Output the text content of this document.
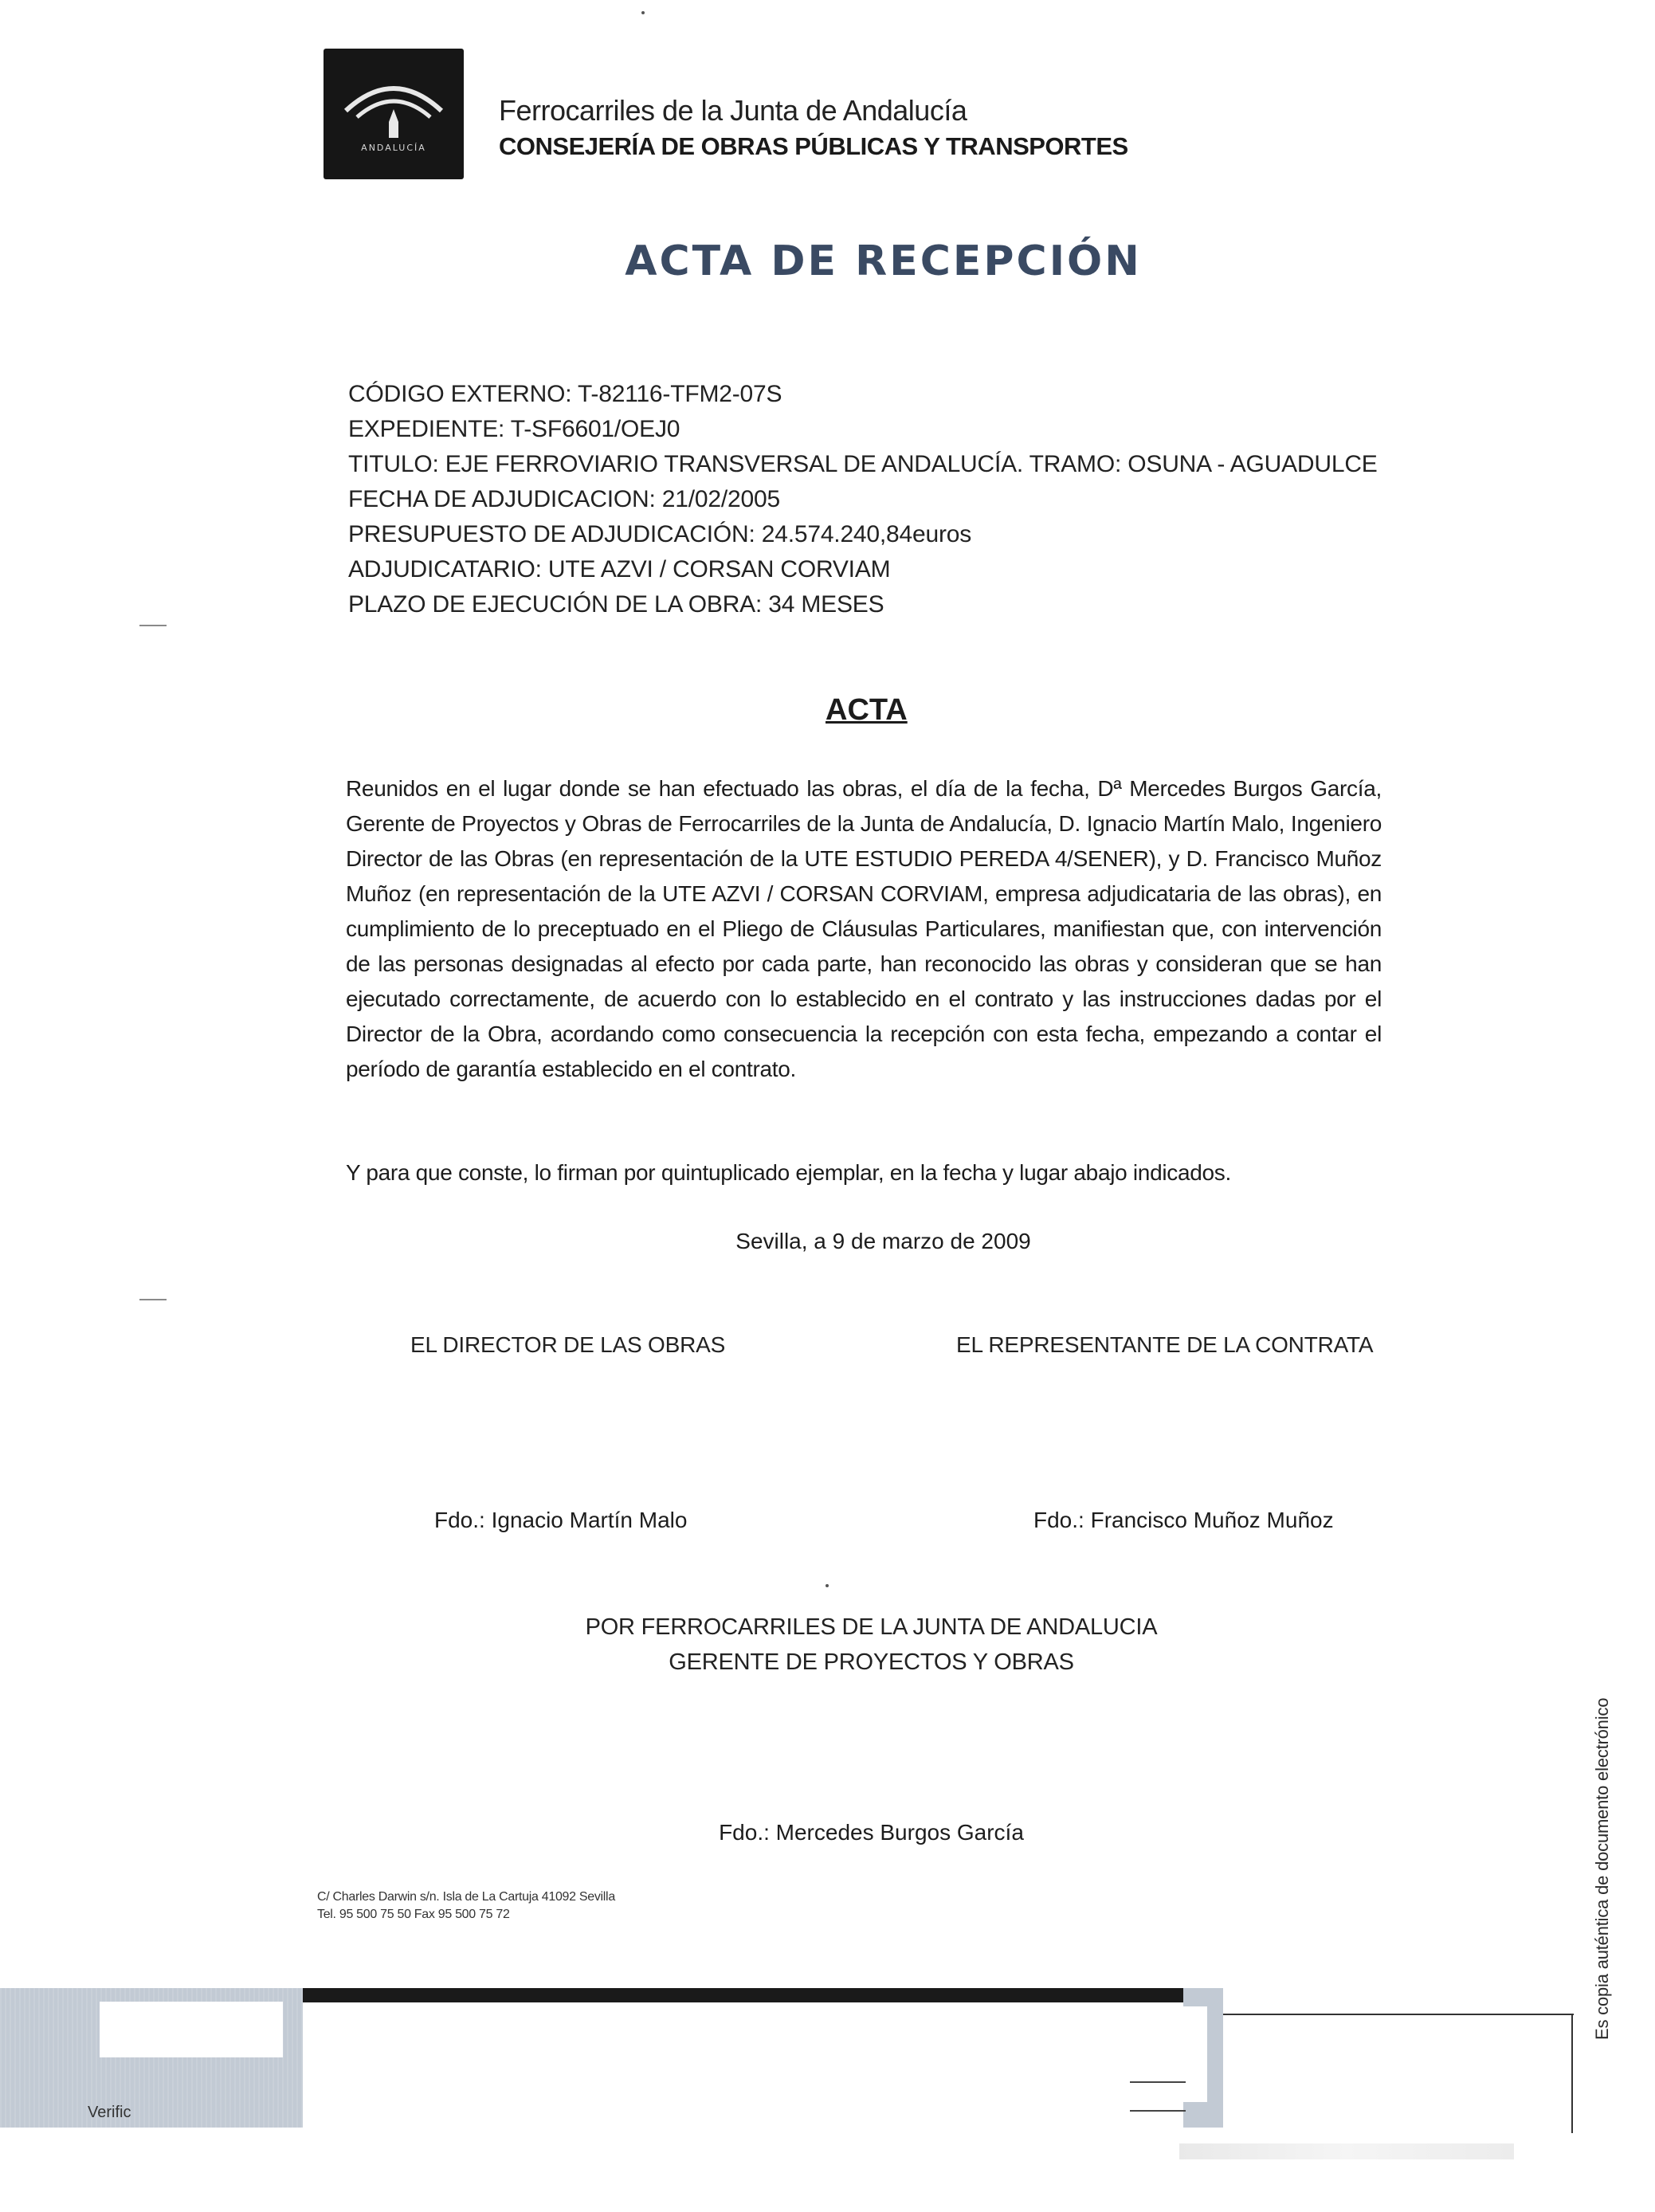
ANDALUCÍA
Ferrocarriles de la Junta de Andalucía
CONSEJERÍA DE OBRAS PÚBLICAS Y TRANSPORTES
ACTA DE RECEPCIÓN
CÓDIGO EXTERNO: T-82116-TFM2-07S
EXPEDIENTE: T-SF6601/OEJ0
TITULO: EJE FERROVIARIO TRANSVERSAL DE ANDALUCÍA. TRAMO: OSUNA - AGUADULCE
FECHA DE ADJUDICACION: 21/02/2005
PRESUPUESTO DE ADJUDICACIÓN: 24.574.240,84euros
ADJUDICATARIO: UTE AZVI / CORSAN CORVIAM
PLAZO DE EJECUCIÓN DE LA OBRA: 34 MESES
ACTA
Reunidos en el lugar donde se han efectuado las obras, el día de la fecha, Dª Mercedes Burgos García, Gerente de Proyectos y Obras de Ferrocarriles de la Junta de Andalucía, D. Ignacio Martín Malo, Ingeniero Director de las Obras (en representación de la UTE ESTUDIO PEREDA 4/SENER), y D. Francisco Muñoz Muñoz (en representación de la UTE AZVI / CORSAN CORVIAM, empresa adjudicataria de las obras), en cumplimiento de lo preceptuado en el Pliego de Cláusulas Particulares, manifiestan que, con intervención de las personas designadas al efecto por cada parte, han reconocido las obras y consideran que se han ejecutado correctamente, de acuerdo con lo establecido en el contrato y las instrucciones dadas por el Director de la Obra, acordando como consecuencia la recepción con esta fecha, empezando a contar el período de garantía establecido en el contrato.
Y para que conste, lo firman por quintuplicado ejemplar, en la fecha y lugar abajo indicados.
Sevilla, a 9 de marzo de 2009
EL DIRECTOR DE LAS OBRAS	EL REPRESENTANTE DE LA CONTRATA
Fdo.: Ignacio Martín Malo	Fdo.: Francisco Muñoz Muñoz
POR FERROCARRILES DE LA JUNTA DE ANDALUCIA
GERENTE DE PROYECTOS Y OBRAS
Fdo.: Mercedes Burgos García
C/ Charles Darwin s/n. Isla de La Cartuja 41092 Sevilla
Tel. 95 500 75 50 Fax 95 500 75 72	Es copia auténtica de documento electrónico
Verific
